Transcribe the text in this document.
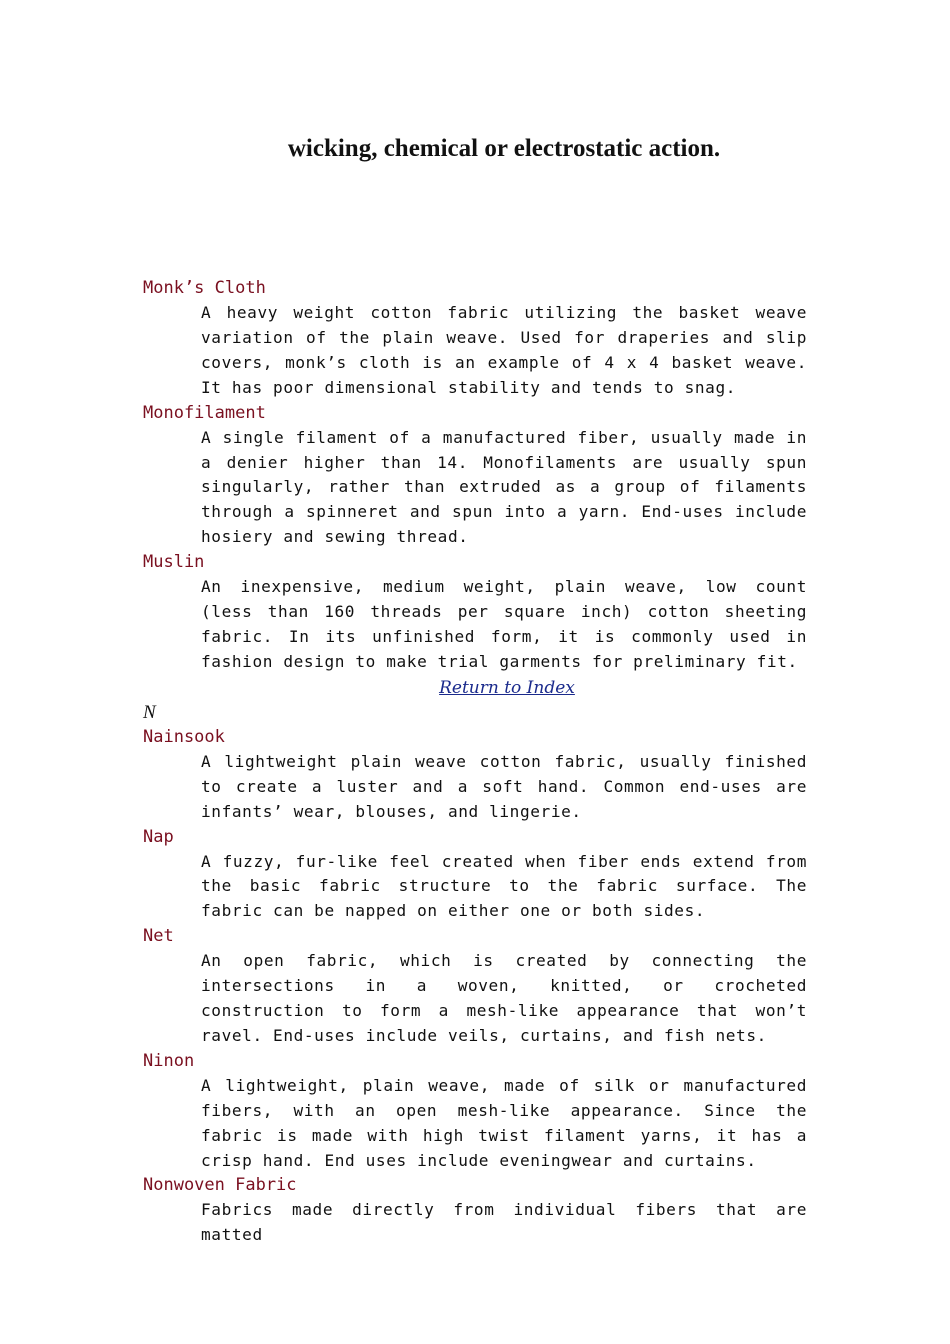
wicking, chemical or electrostatic action.
Monk’s Cloth
A heavy weight cotton fabric utilizing the basket weave variation of the plain weave. Used for draperies and slip covers, monk’s cloth is an example of 4 x 4 basket weave. It has poor dimensional stability and tends to snag.
Monofilament
A single filament of a manufactured fiber, usually made in a denier higher than 14. Monofilaments are usually spun singularly, rather than extruded as a group of filaments through a spinneret and spun into a yarn. End-uses include hosiery and sewing thread.
Muslin
An inexpensive, medium weight, plain weave, low count (less than 160 threads per square inch) cotton sheeting fabric. In its unfinished form, it is commonly used in fashion design to make trial garments for preliminary fit.
Return to Index
N
Nainsook
A lightweight plain weave cotton fabric, usually finished to create a luster and a soft hand. Common end-uses are infants’ wear, blouses, and lingerie.
Nap
A fuzzy, fur-like feel created when fiber ends extend from the basic fabric structure to the fabric surface. The fabric can be napped on either one or both sides.
Net
An open fabric, which is created by connecting the intersections in a woven, knitted, or crocheted construction to form a mesh-like appearance that won’t ravel. End-uses include veils, curtains, and fish nets.
Ninon
A lightweight, plain weave, made of silk or manufactured fibers, with an open mesh-like appearance. Since the fabric is made with high twist filament yarns, it has a crisp hand. End uses include eveningwear and curtains.
Nonwoven Fabric
Fabrics made directly from individual fibers that are matted
